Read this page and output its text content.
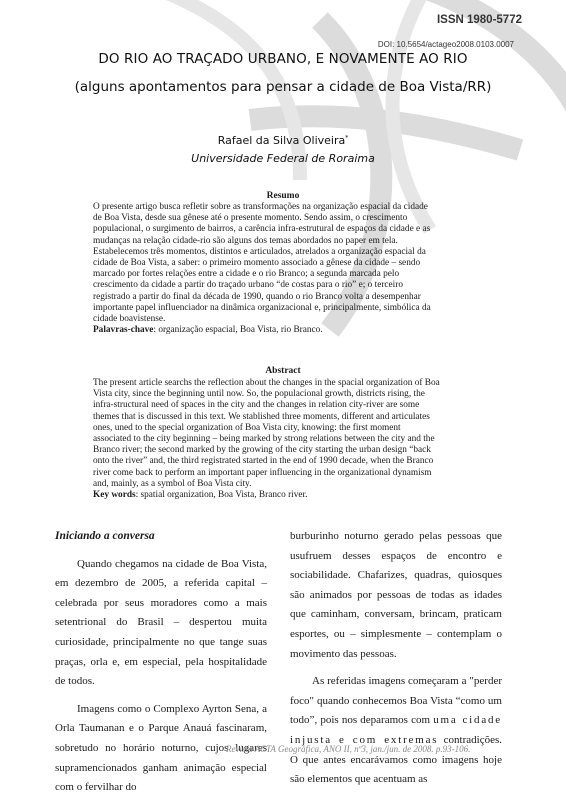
ISSN 1980-5772
DOI: 10.5654/actageo2008.0103.0007
DO RIO AO TRAÇADO URBANO, E NOVAMENTE AO RIO
(alguns apontamentos para pensar a cidade de Boa Vista/RR)
Rafael da Silva Oliveira*
Universidade Federal de Roraima
Resumo
O presente artigo busca refletir sobre as transformações na organização espacial da cidade
de Boa Vista, desde sua gênese até o presente momento. Sendo assim, o crescimento
populacional, o surgimento de bairros, a carência infra-estrutural de espaços da cidade e as
mudanças na relação cidade-rio são alguns dos temas abordados no paper em tela.
Estabelecemos três momentos, distintos e articulados, atrelados a organização espacial da
cidade de Boa Vista, a saber: o primeiro momento associado a gênese da cidade – sendo
marcado por fortes relações entre a cidade e o rio Branco; a segunda marcada pelo
crescimento da cidade a partir do traçado urbano “de costas para o rio” e; o terceiro
registrado a partir do final da década de 1990, quando o rio Branco volta a desempenhar
importante papel influenciador na dinâmica organizacional e, principalmente, simbólica da
cidade boavistense.
Palavras-chave: organização espacial, Boa Vista, rio Branco.
Abstract
The present article searchs the reflection about the changes in the spacial organization of Boa
Vista city, since the beginning until now. So, the populacional growth, districts rising, the
infra-structural need of spaces in the city and the changes in relation city-river are some
themes that is discussed in this text. We stablished three moments, different and articulates
ones, uned to the special organization of Boa Vista city, knowing: the first moment
associated to the city beginning – being marked by strong relations between the city and the
Branco river; the second marked by the growing of the city starting the urban design “back
onto the river” and, the third registrated started in the end of 1990 decade, when the Branco
river come back to perform an important paper influencing in the organizational dynamism
and, mainly, as a symbol of Boa Vista city.
Key words: spatial organization, Boa Vista, Branco river.

Iniciando a conversa

Quando chegamos na cidade de Boa Vista, em dezembro de 2005, a referida capital – celebrada por seus moradores como a mais setentrional do Brasil – despertou muita curiosidade, principalmente no que tange suas praças, orla e, em especial, pela hospitalidade de todos.

Imagens como o Complexo Ayrton Sena, a Orla Taumanan e o Parque Anauá fascinaram, sobretudo no horário noturno, cujos lugares supramencionados ganham animação especial com o fervilhar do

burburinho noturno gerado pelas pessoas que usufruem desses espaços de encontro e sociabilidade. Chafarizes, quadras, quiosques são animados por pessoas de todas as idades que caminham, conversam, brincam, praticam esportes, ou – simplesmente – contemplam o movimento das pessoas.

As referidas imagens começaram a "perder foco" quando conhecemos Boa Vista “como um todo”, pois nos deparamos com uma cidade injusta e com extremas contradições. O que antes encarávamos como imagens hoje são elementos que acentuam as

Revista ACTA Geográfica, ANO II, nº3, jan./jun. de 2008. p.93-106.
